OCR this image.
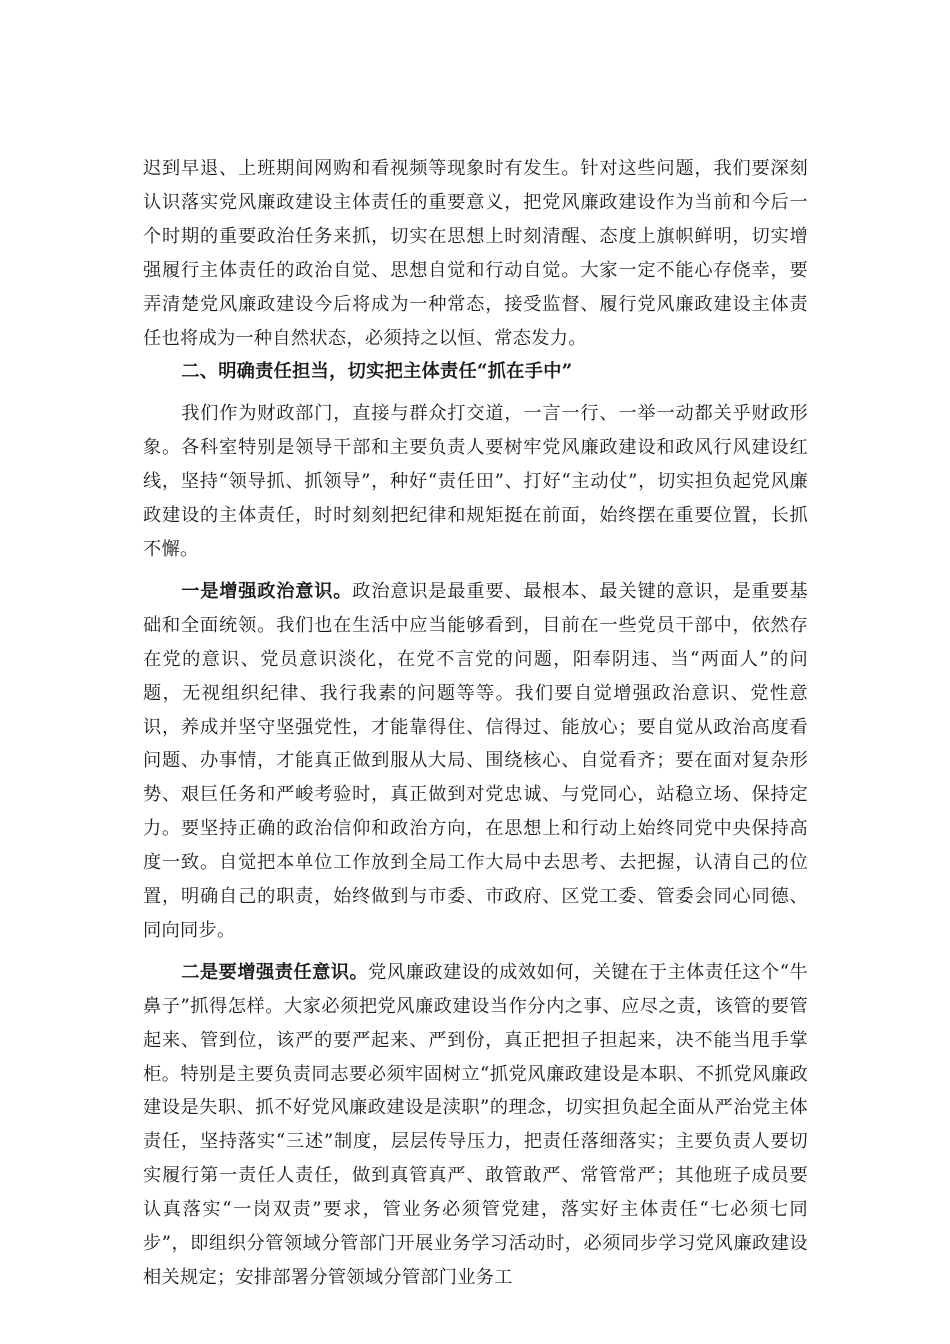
迟到早退、上班期间网购和看视频等现象时有发生。针对这些问题，我们要深刻认识落实党风廉政建设主体责任的重要意义，把党风廉政建设作为当前和今后一个时期的重要政治任务来抓，切实在思想上时刻清醒、态度上旗帜鲜明，切实增强履行主体责任的政治自觉、思想自觉和行动自觉。大家一定不能心存侥幸，要弄清楚党风廉政建设今后将成为一种常态，接受监督、履行党风廉政建设主体责任也将成为一种自然状态，必须持之以恒、常态发力。

二、明确责任担当，切实把主体责任“抓在手中”

我们作为财政部门，直接与群众打交道，一言一行、一举一动都关乎财政形象。各科室特别是领导干部和主要负责人要树牢党风廉政建设和政风行风建设红线，坚持“领导抓、抓领导”，种好“责任田”、打好“主动仗”，切实担负起党风廉政建设的主体责任，时时刻刻把纪律和规矩挺在前面，始终摆在重要位置，长抓不懈。

一是增强政治意识。政治意识是最重要、最根本、最关键的意识，是重要基础和全面统领。我们也在生活中应当能够看到，目前在一些党员干部中，依然存在党的意识、党员意识淡化，在党不言党的问题，阳奉阴违、当“两面人”的问题，无视组织纪律、我行我素的问题等等。我们要自觉增强政治意识、党性意识，养成并坚守坚强党性，才能靠得住、信得过、能放心；要自觉从政治高度看问题、办事情，才能真正做到服从大局、围绕核心、自觉看齐；要在面对复杂形势、艰巨任务和严峻考验时，真正做到对党忠诚、与党同心，站稳立场、保持定力。要坚持正确的政治信仰和政治方向，在思想上和行动上始终同党中央保持高度一致。自觉把本单位工作放到全局工作大局中去思考、去把握，认清自己的位置，明确自己的职责，始终做到与市委、市政府、区党工委、管委会同心同德、同向同步。

二是要增强责任意识。党风廉政建设的成效如何，关键在于主体责任这个“牛鼻子”抓得怎样。大家必须把党风廉政建设当作分内之事、应尽之责，该管的要管起来、管到位，该严的要严起来、严到份，真正把担子担起来，决不能当甩手掌柜。特别是主要负责同志要必须牢固树立“抓党风廉政建设是本职、不抓党风廉政建设是失职、抓不好党风廉政建设是渎职”的理念，切实担负起全面从严治党主体责任，坚持落实“三述”制度，层层传导压力，把责任落细落实；主要负责人要切实履行第一责任人责任，做到真管真严、敢管敢严、常管常严；其他班子成员要认真落实“一岗双责”要求，管业务必须管党建，落实好主体责任“七必须七同步”，即组织分管领域分管部门开展业务学习活动时，必须同步学习党风廉政建设相关规定；安排部署分管领域分管部门业务工
